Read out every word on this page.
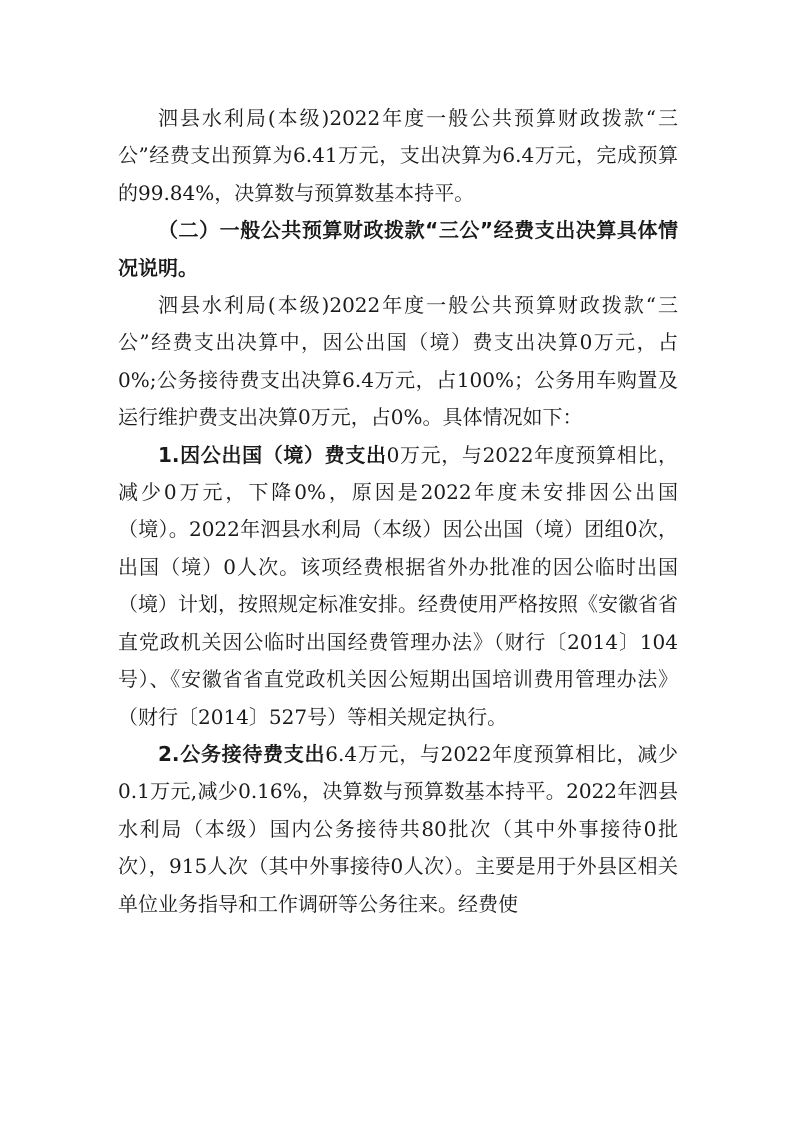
泗县水利局(本级)2022年度一般公共预算财政拨款“三公”经费支出预算为6.41万元，支出决算为6.4万元，完成预算的99.84%，决算数与预算数基本持平。

（二）一般公共预算财政拨款“三公”经费支出决算具体情况说明。

泗县水利局(本级)2022年度一般公共预算财政拨款“三公”经费支出决算中，因公出国（境）费支出决算0万元，占0%;公务接待费支出决算6.4万元，占100%；公务用车购置及运行维护费支出决算0万元，占0%。具体情况如下：

1.因公出国（境）费支出0万元，与2022年度预算相比，减少0万元，下降0%，原因是2022年度未安排因公出国（境）。2022年泗县水利局（本级）因公出国（境）团组0次，出国（境）0人次。该项经费根据省外办批准的因公临时出国（境）计划，按照规定标准安排。经费使用严格按照《安徽省省直党政机关因公临时出国经费管理办法》（财行〔2014〕104号）、《安徽省省直党政机关因公短期出国培训费用管理办法》（财行〔2014〕527号）等相关规定执行。

2.公务接待费支出6.4万元，与2022年度预算相比，减少0.1万元,减少0.16%，决算数与预算数基本持平。2022年泗县水利局（本级）国内公务接待共80批次（其中外事接待0批次），915人次（其中外事接待0人次）。主要是用于外县区相关单位业务指导和工作调研等公务往来。经费使
